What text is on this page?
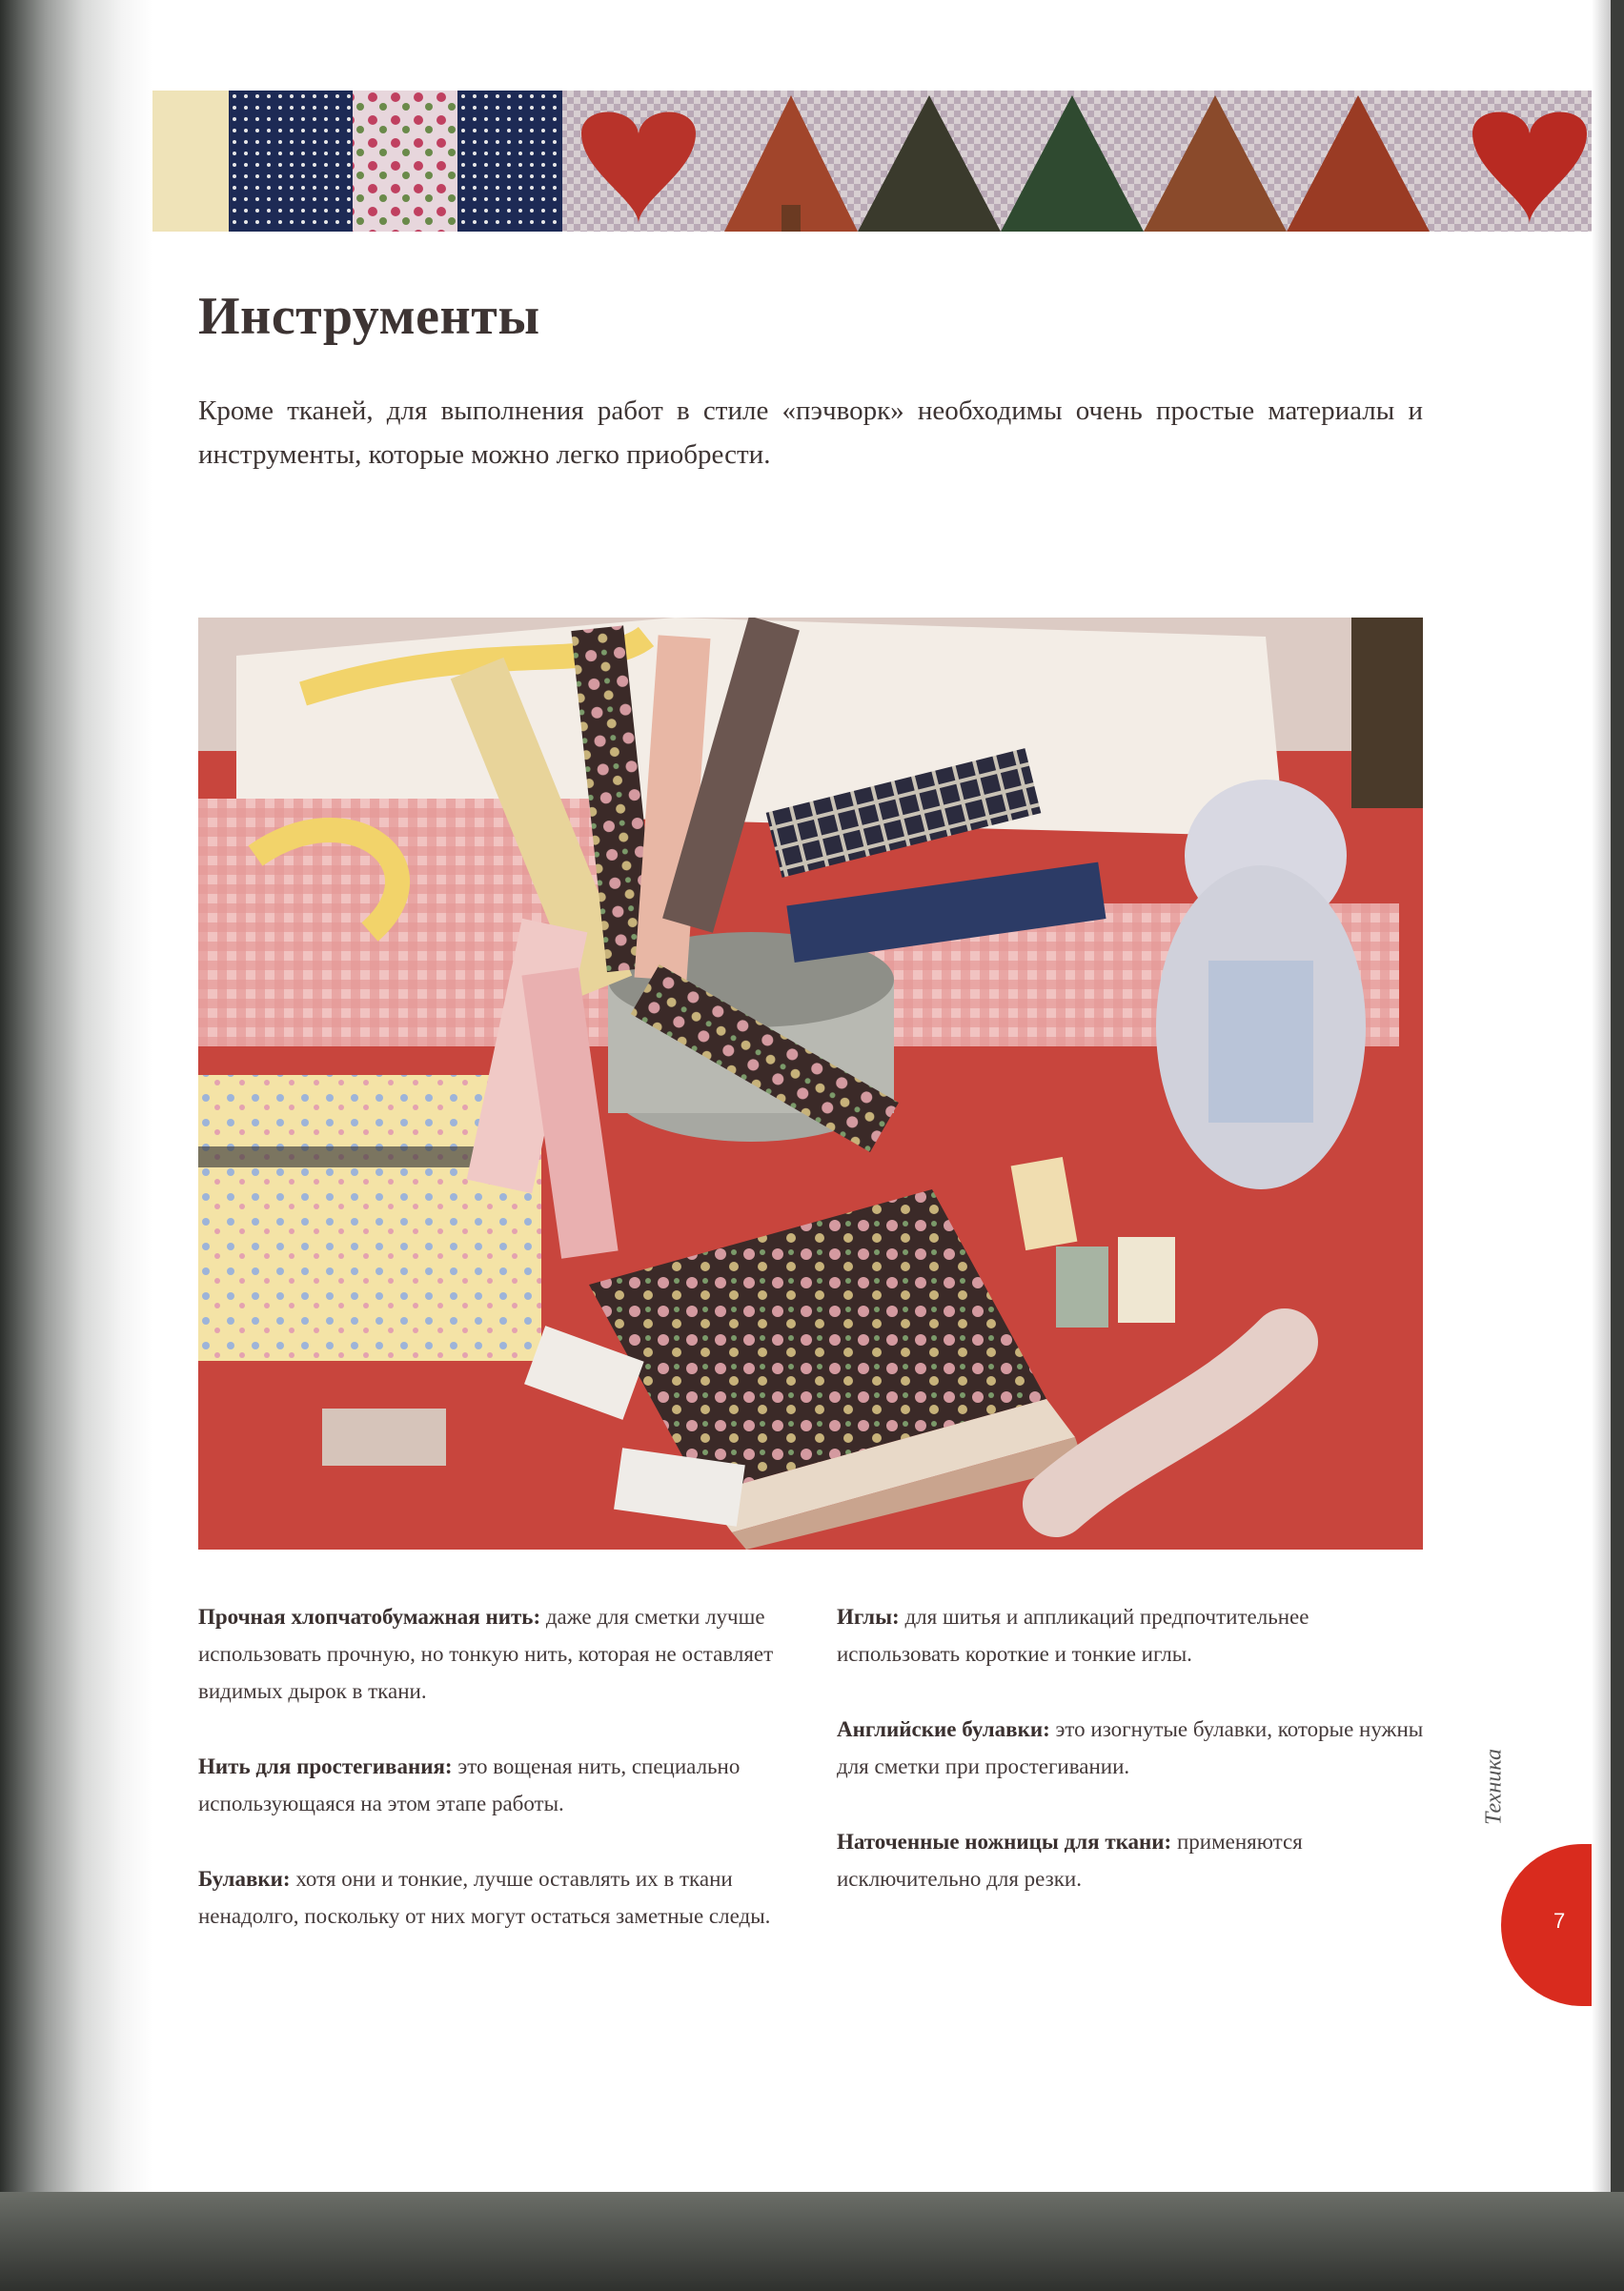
Инструменты

Кроме тканей, для выполнения работ в стиле «пэчворк» необходимы очень простые материалы и инструменты, которые можно легко приобрести.

Прочная хлопчатобумажная нить: даже для сметки лучше использовать прочную, но тонкую нить, которая не оставляет видимых дырок в ткани.

Нить для простегивания: это вощеная нить, специально использующаяся на этом этапе работы.

Булавки: хотя они и тонкие, лучше оставлять их в ткани ненадолго, поскольку от них могут остаться заметные следы.

Иглы: для шитья и аппликаций предпочтительнее использовать короткие и тонкие иглы.

Английские булавки: это изогнутые булавки, которые нужны для сметки при простегивании.

Наточенные ножницы для ткани: применяются исключительно для резки.

Техника
7
